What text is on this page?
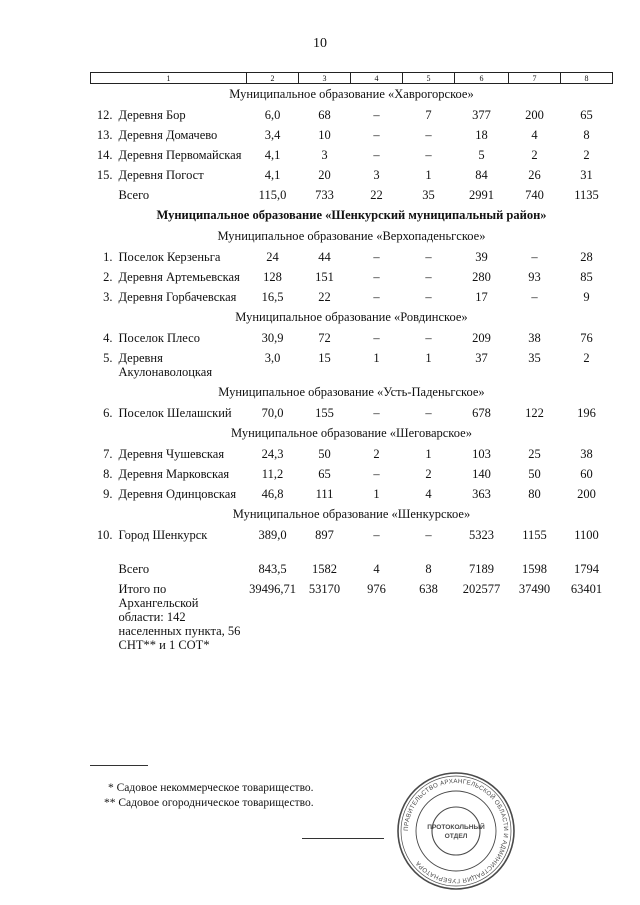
10
1		2	3	4	5	6	7	8
Муниципальное образование «Хаврогорское»								
12.	Деревня Бор	6,0	68	–	7	377	200	65
13.	Деревня Домачево	3,4	10	–	–	18	4	8
14.	Деревня Первомайская	4,1	3	–	–	5	2	2
15.	Деревня Погост	4,1	20	3	1	84	26	31
	Всего	115,0	733	22	35	2991	740	1135
Муниципальное образование «Шенкурский муниципальный район»								
Муниципальное образование «Верхопаденьгское»								
1.	Поселок Керзеньга	24	44	–	–	39	–	28
2.	Деревня Артемьевская	128	151	–	–	280	93	85
3.	Деревня Горбачевская	16,5	22	–	–	17	–	9
Муниципальное образование «Ровдинское»								
4.	Поселок Плесо	30,9	72	–	–	209	38	76
5.	Деревня Акулонаволоцкая	3,0	15	1	1	37	35	2
Муниципальное образование «Усть-Паденьгское»								
6.	Поселок Шелашский	70,0	155	–	–	678	122	196
Муниципальное образование «Шеговарское»								
7.	Деревня Чушевская	24,3	50	2	1	103	25	38
8.	Деревня Марковская	11,2	65	–	2	140	50	60
9.	Деревня Одинцовская	46,8	111	1	4	363	80	200
Муниципальное образование «Шенкурское»								
10.	Город Шенкурск	389,0	897	–	–	5323	1155	1100

	Всего	843,5	1582	4	8	7189	1598	1794
	Итого по Архангельской области: 142 населенных пункта, 56 СНТ** и 1 СОТ*	39496,71	53170	976	638	202577	37490	63401
* Садовое некоммерческое товарищество.
** Садовое огородническое товарищество.
ПРАВИТЕЛЬСТВО АРХАНГЕЛЬСКОЙ ОБЛАСТИ И АДМИНИСТРАЦИЯ ГУБЕРНАТОРА
ПРОТОКОЛЬНЫЙ
ОТДЕЛ
